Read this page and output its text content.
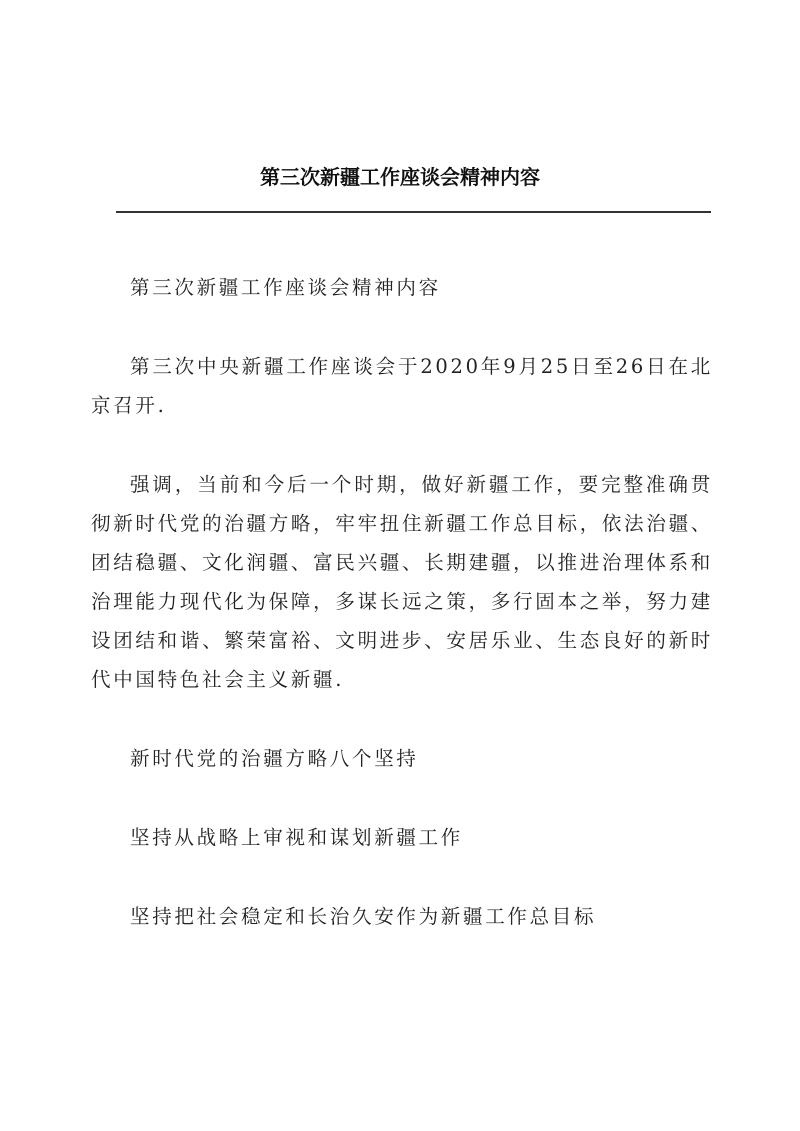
第三次新疆工作座谈会精神内容

第三次新疆工作座谈会精神内容

第三次中央新疆工作座谈会于2020年9月25日至26日在北京召开.

强调，当前和今后一个时期，做好新疆工作，要完整准确贯彻新时代党的治疆方略，牢牢扭住新疆工作总目标，依法治疆、团结稳疆、文化润疆、富民兴疆、长期建疆，以推进治理体系和治理能力现代化为保障，多谋长远之策，多行固本之举，努力建设团结和谐、繁荣富裕、文明进步、安居乐业、生态良好的新时代中国特色社会主义新疆.

新时代党的治疆方略八个坚持

坚持从战略上审视和谋划新疆工作

坚持把社会稳定和长治久安作为新疆工作总目标
